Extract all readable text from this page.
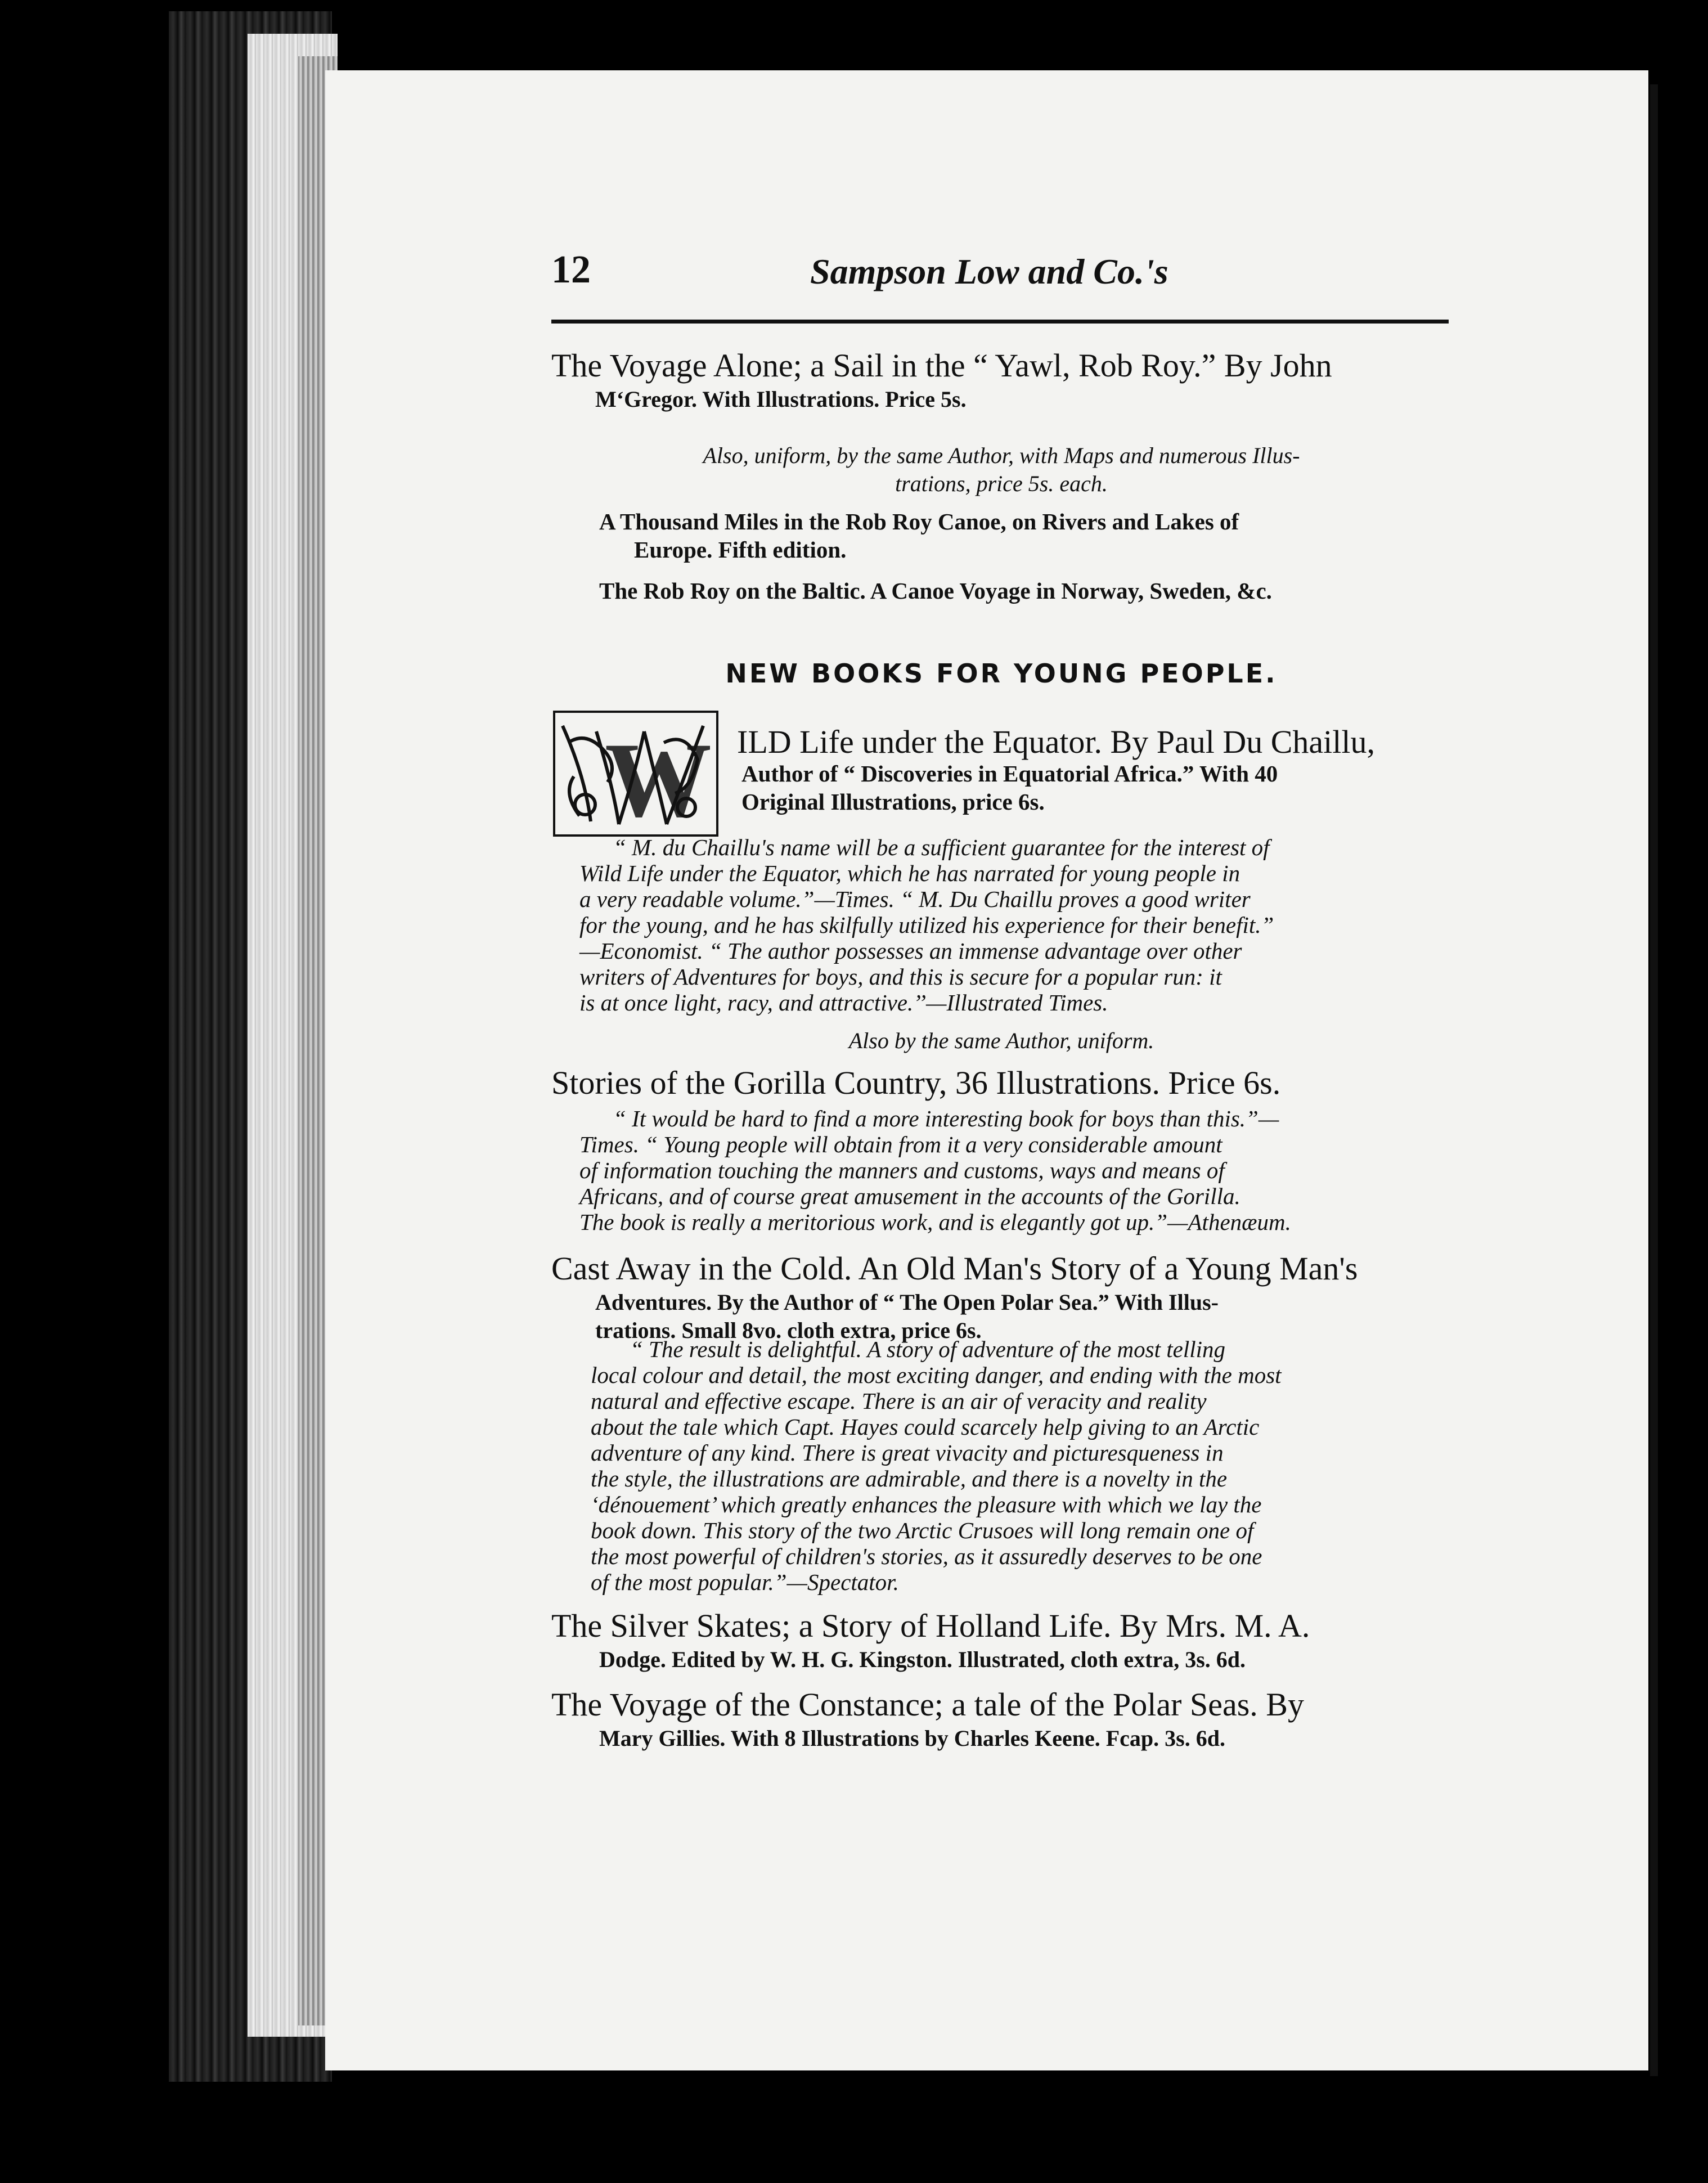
12	Sampson Low and Co.'s
The Voyage Alone; a Sail in the “ Yawl, Rob Roy.” By John
M‘Gregor. With Illustrations. Price 5s.
Also, uniform, by the same Author, with Maps and numerous Illus-
trations, price 5s. each.
A Thousand Miles in the Rob Roy Canoe, on Rivers and Lakes of
Europe. Fifth edition.
The Rob Roy on the Baltic. A Canoe Voyage in Norway, Sweden, &c.
NEW BOOKS FOR YOUNG PEOPLE.
W ILD Life under the Equator. By Paul Du Chaillu,
Author of “ Discoveries in Equatorial Africa.” With 40
Original Illustrations, price 6s.
“ M. du Chaillu's name will be a sufficient guarantee for the interest of
Wild Life under the Equator, which he has narrated for young people in
a very readable volume.”—Times. “ M. Du Chaillu proves a good writer
for the young, and he has skilfully utilized his experience for their benefit.”
—Economist. “ The author possesses an immense advantage over other
writers of Adventures for boys, and this is secure for a popular run: it
is at once light, racy, and attractive.’’—Illustrated Times.
Also by the same Author, uniform.
Stories of the Gorilla Country, 36 Illustrations. Price 6s.
“ It would be hard to find a more interesting book for boys than this.”—
Times. “ Young people will obtain from it a very considerable amount
of information touching the manners and customs, ways and means of
Africans, and of course great amusement in the accounts of the Gorilla.
The book is really a meritorious work, and is elegantly got up.”—Athenæum.
Cast Away in the Cold. An Old Man's Story of a Young Man's
Adventures. By the Author of “ The Open Polar Sea.” With Illus-
trations. Small 8vo. cloth extra, price 6s.
“ The result is delightful. A story of adventure of the most telling
local colour and detail, the most exciting danger, and ending with the most
natural and effective escape. There is an air of veracity and reality
about the tale which Capt. Hayes could scarcely help giving to an Arctic
adventure of any kind. There is great vivacity and picturesqueness in
the style, the illustrations are admirable, and there is a novelty in the
‘dénouement’ which greatly enhances the pleasure with which we lay the
book down. This story of the two Arctic Crusoes will long remain one of
the most powerful of children's stories, as it assuredly deserves to be one
of the most popular.”—Spectator.
The Silver Skates; a Story of Holland Life. By Mrs. M. A.
Dodge. Edited by W. H. G. Kingston. Illustrated, cloth extra, 3s. 6d.
The Voyage of the Constance; a tale of the Polar Seas. By
Mary Gillies. With 8 Illustrations by Charles Keene. Fcap. 3s. 6d.
